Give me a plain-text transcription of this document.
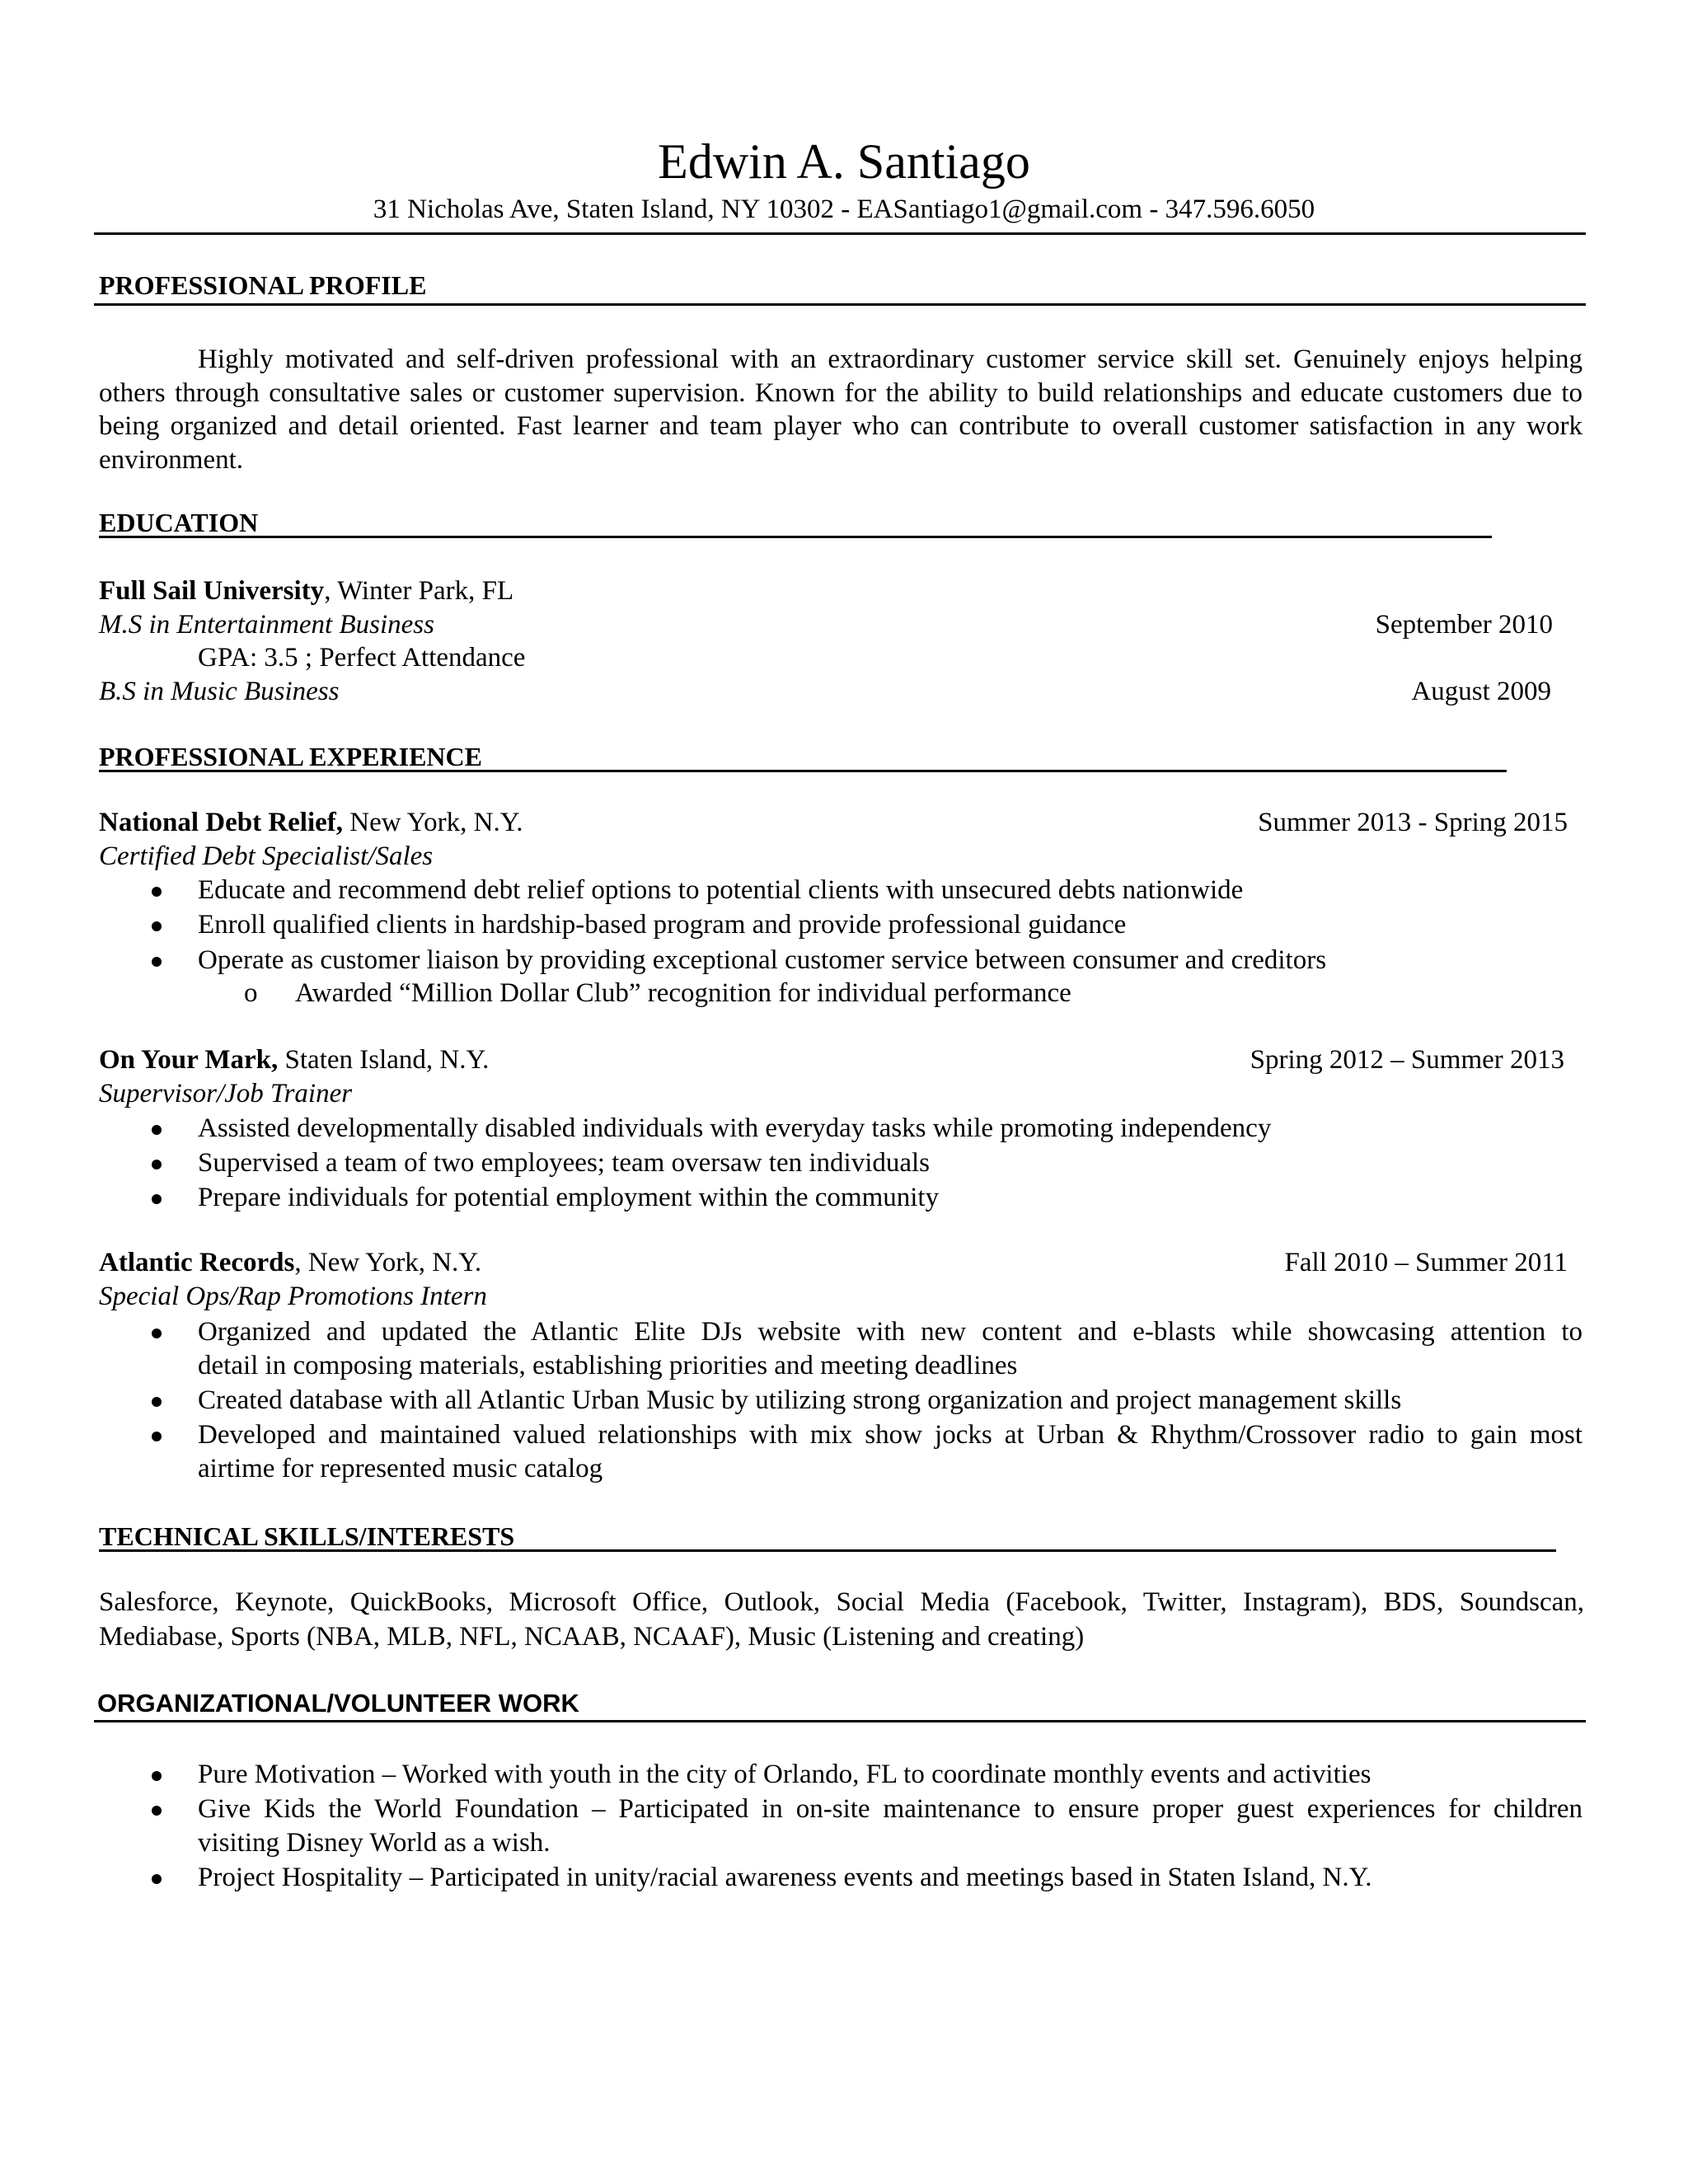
Edwin A. Santiago
31 Nicholas Ave, Staten Island, NY 10302 - EASantiago1@gmail.com - 347.596.6050
PROFESSIONAL PROFILE
Highly motivated and self-driven professional with an extraordinary customer service skill set. Genuinely enjoys helping others through consultative sales or customer supervision. Known for the ability to build relationships and educate customers due to being organized and detail oriented. Fast learner and team player who can contribute to overall customer satisfaction in any work environment.
EDUCATION
Full Sail University, Winter Park, FL
M.S in Entertainment Business	September 2010
GPA: 3.5 ; Perfect Attendance
B.S in Music Business	August 2009
PROFESSIONAL EXPERIENCE
National Debt Relief, New York, N.Y.	Summer 2013 - Spring 2015
Certified Debt Specialist/Sales
Educate and recommend debt relief options to potential clients with unsecured debts nationwide
Enroll qualified clients in hardship-based program and provide professional guidance
Operate as customer liaison by providing exceptional customer service between consumer and creditors
o Awarded “Million Dollar Club” recognition for individual performance
On Your Mark, Staten Island, N.Y.	Spring 2012 – Summer 2013
Supervisor/Job Trainer
Assisted developmentally disabled individuals with everyday tasks while promoting independency
Supervised a team of two employees; team oversaw ten individuals
Prepare individuals for potential employment within the community
Atlantic Records, New York, N.Y.	Fall 2010 – Summer 2011
Special Ops/Rap Promotions Intern
Organized and updated the Atlantic Elite DJs website with new content and e-blasts while showcasing attention to
detail in composing materials, establishing priorities and meeting deadlines
Created database with all Atlantic Urban Music by utilizing strong organization and project management skills
Developed and maintained valued relationships with mix show jocks at Urban & Rhythm/Crossover radio to gain most
airtime for represented music catalog
TECHNICAL SKILLS/INTERESTS
Salesforce, Keynote, QuickBooks, Microsoft Office, Outlook, Social Media (Facebook, Twitter, Instagram), BDS, Soundscan,
Mediabase, Sports (NBA, MLB, NFL, NCAAB, NCAAF), Music (Listening and creating)
ORGANIZATIONAL/VOLUNTEER WORK
Pure Motivation – Worked with youth in the city of Orlando, FL to coordinate monthly events and activities
Give Kids the World Foundation – Participated in on-site maintenance to ensure proper guest experiences for children
visiting Disney World as a wish.
Project Hospitality – Participated in unity/racial awareness events and meetings based in Staten Island, N.Y.
